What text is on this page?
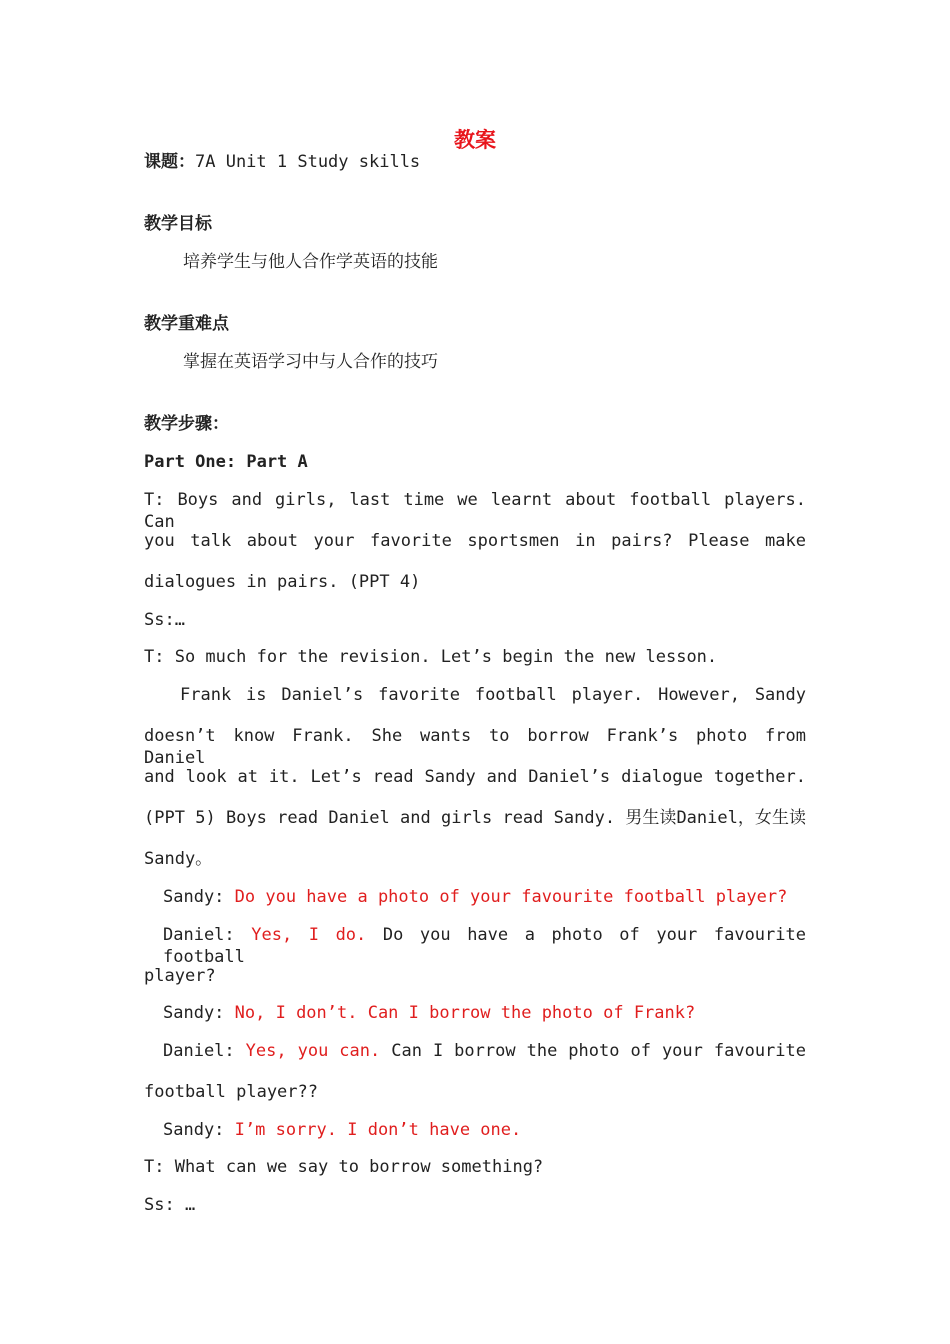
教案
课题：7A Unit 1 Study skills
教学目标
培养学生与他人合作学英语的技能
教学重难点
掌握在英语学习中与人合作的技巧
教学步骤：
Part One: Part A
T: Boys and girls, last time we learnt about football players. Can
you talk about your favorite sportsmen in pairs? Please make
dialogues in pairs. (PPT 4)
Ss:…
T: So much for the revision. Let’s begin the new lesson.
Frank is Daniel’s favorite football player. However, Sandy
doesn’t know Frank. She wants to borrow Frank’s photo from Daniel
and look at it. Let’s read Sandy and Daniel’s dialogue together.
(PPT 5) Boys read Daniel and girls read Sandy. 男生读Daniel，女生读
Sandy。
Sandy: Do you have a photo of your favourite football player?
Daniel: Yes, I do. Do you have a photo of your favourite football
player?
Sandy: No, I don’t. Can I borrow the photo of Frank?
Daniel: Yes, you can. Can I borrow the photo of your favourite
football player??
Sandy: I’m sorry. I don’t have one.
T: What can we say to borrow something?
Ss: …
